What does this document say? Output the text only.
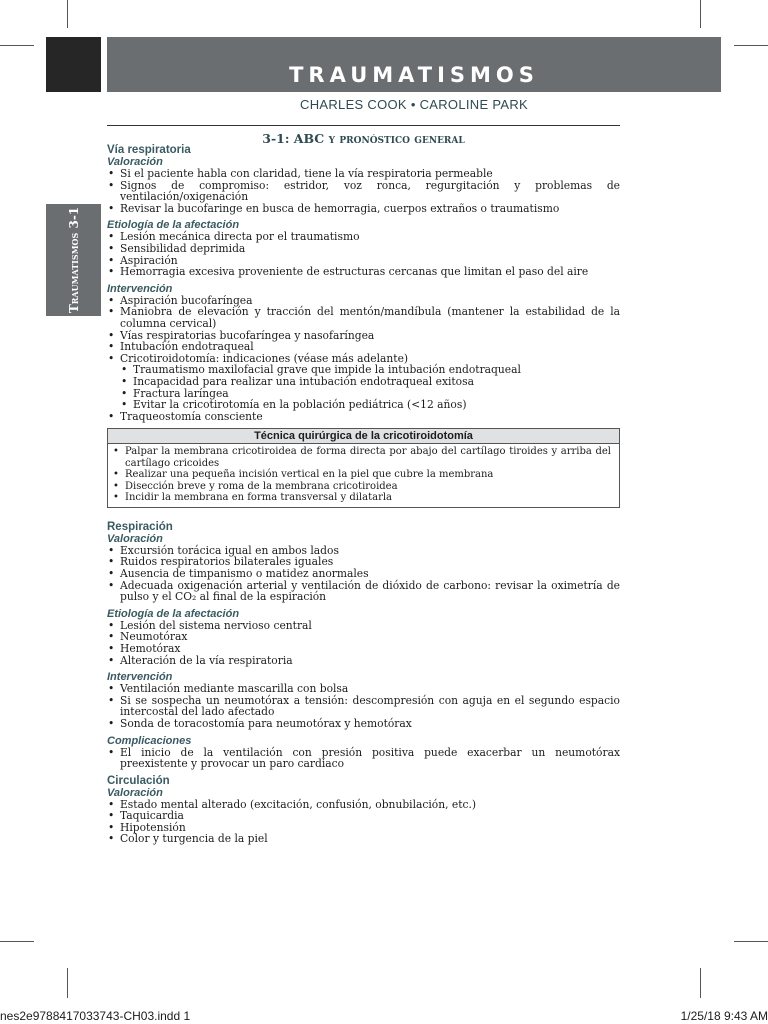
TRAUMATISMOS
CHARLES COOK • CAROLINE PARK
3-1: ABC y pronóstico general
Traumatismos 3-1
Vía respiratoria
Valoración
• Si el paciente habla con claridad, tiene la vía respiratoria permeable
• Signos de compromiso: estridor, voz ronca, regurgitación y problemas de ventilación/oxigenación
• Revisar la bucofaringe en busca de hemorragia, cuerpos extraños o traumatismo
Etiología de la afectación
• Lesión mecánica directa por el traumatismo
• Sensibilidad deprimida
• Aspiración
• Hemorragia excesiva proveniente de estructuras cercanas que limitan el paso del aire
Intervención
• Aspiración bucofaríngea
• Maniobra de elevación y tracción del mentón/mandíbula (mantener la estabilidad de la columna cervical)
• Vías respiratorias bucofaríngea y nasofaríngea
• Intubación endotraqueal
• Cricotiroidotomía: indicaciones (véase más adelante)
• Traumatismo maxilofacial grave que impide la intubación endotraqueal
• Incapacidad para realizar una intubación endotraqueal exitosa
• Fractura laríngea
• Evitar la cricotirotomía en la población pediátrica (<12 años)
• Traqueostomía consciente
Técnica quirúrgica de la cricotiroidotomía
• Palpar la membrana cricotiroidea de forma directa por abajo del cartílago tiroides y arriba del cartílago cricoides
• Realizar una pequeña incisión vertical en la piel que cubre la membrana
• Disección breve y roma de la membrana cricotiroidea
• Incidir la membrana en forma transversal y dilatarla
Respiración
Valoración
• Excursión torácica igual en ambos lados
• Ruidos respiratorios bilaterales iguales
• Ausencia de timpanismo o matidez anormales
• Adecuada oxigenación arterial y ventilación de dióxido de carbono: revisar la oximetría de pulso y el CO₂ al final de la espiración
Etiología de la afectación
• Lesión del sistema nervioso central
• Neumotórax
• Hemotórax
• Alteración de la vía respiratoria
Intervención
• Ventilación mediante mascarilla con bolsa
• Si se sospecha un neumotórax a tensión: descompresión con aguja en el segundo espacio intercostal del lado afectado
• Sonda de toracostomía para neumotórax y hemotórax
Complicaciones
• El inicio de la ventilación con presión positiva puede exacerbar un neumotórax preexistente y provocar un paro cardiaco
Circulación
Valoración
• Estado mental alterado (excitación, confusión, obnubilación, etc.)
• Taquicardia
• Hipotensión
• Color y turgencia de la piel
nes2e9788417033743-CH03.indd 1	1/25/18 9:43 AM
